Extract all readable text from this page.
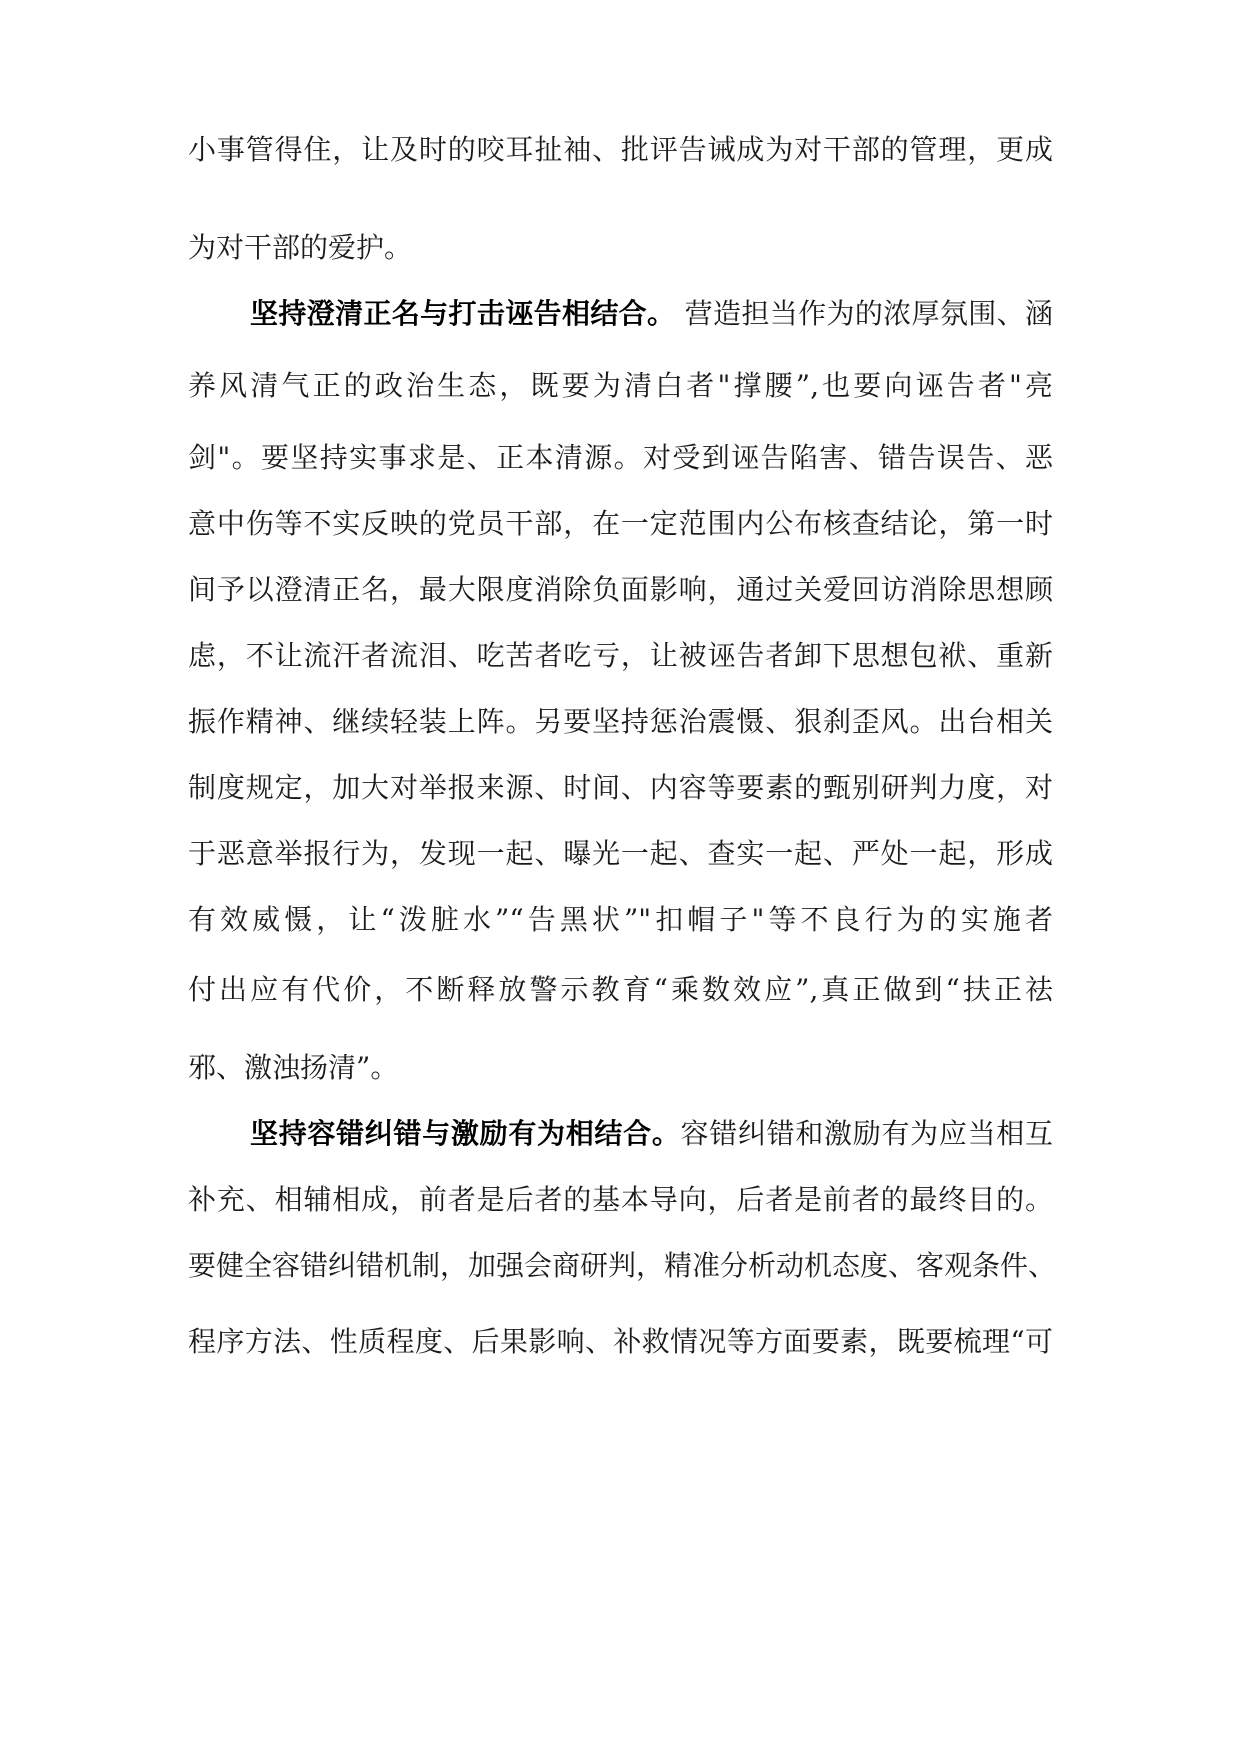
小事管得住，让及时的咬耳扯袖、批评告诫成为对干部的管理，更成

为对干部的爱护。

坚持澄清正名与打击诬告相结合。 营造担当作为的浓厚氛围、涵

养风清气正的政治生态，既要为清白者"撑腰”,也要向诬告者"亮

剑"。要坚持实事求是、正本清源。对受到诬告陷害、错告误告、恶

意中伤等不实反映的党员干部，在一定范围内公布核查结论，第一时

间予以澄清正名，最大限度消除负面影响，通过关爱回访消除思想顾

虑，不让流汗者流泪、吃苦者吃亏，让被诬告者卸下思想包袱、重新

振作精神、继续轻装上阵。另要坚持惩治震慑、狠刹歪风。出台相关

制度规定，加大对举报来源、时间、内容等要素的甄别研判力度，对

于恶意举报行为，发现一起、曝光一起、查实一起、严处一起，形成

有效威慑，让“泼脏水”“告黑状”"扣帽子"等不良行为的实施者

付出应有代价，不断释放警示教育“乘数效应”,真正做到“扶正祛

邪、激浊扬清”。

坚持容错纠错与激励有为相结合。容错纠错和激励有为应当相互

补充、相辅相成，前者是后者的基本导向，后者是前者的最终目的。

要健全容错纠错机制，加强会商研判，精准分析动机态度、客观条件、

程序方法、性质程度、后果影响、补救情况等方面要素，既要梳理“可
